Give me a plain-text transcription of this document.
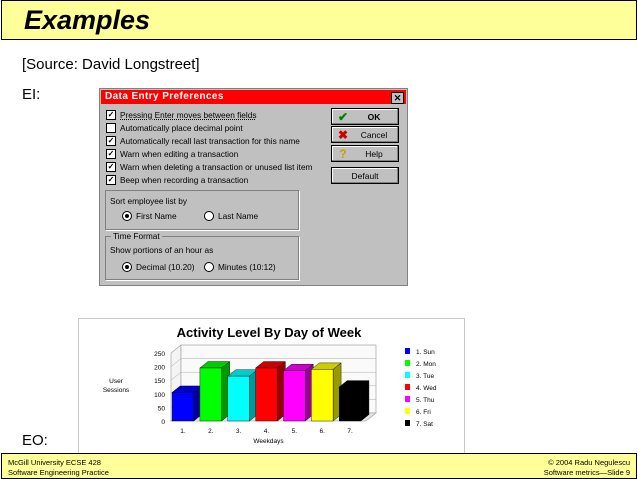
Examples
[Source: David Longstreet]
EI:	Data Entry Preferences	✕
✓ Pressing Enter moves between fields
Automatically place decimal point
✓ Automatically recall last transaction for this name
✓ Warn when editing a transaction
✓ Warn when deleting a transaction or unused list item
✓ Beep when recording a transaction
Sort employee list by
First Name	Last Name
Time Format
Show portions of an hour as
Decimal (10.20)	Minutes (10:12)
✔	OK
✖	Cancel
?	Help
Default
Activity Level By Day of Week
0
50
100
150
200
250
User
Sessions
1.	2.	3.	4.	5.	6.	7.
Weekdays
1. Sun
2. Mon
3. Tue
4. Wed
5. Thu
6. Fri
7. Sat
EO:
McGill University ECSE 428
Software Engineering Practice
© 2004 Radu Negulescu
Software metrics—Slide 9
